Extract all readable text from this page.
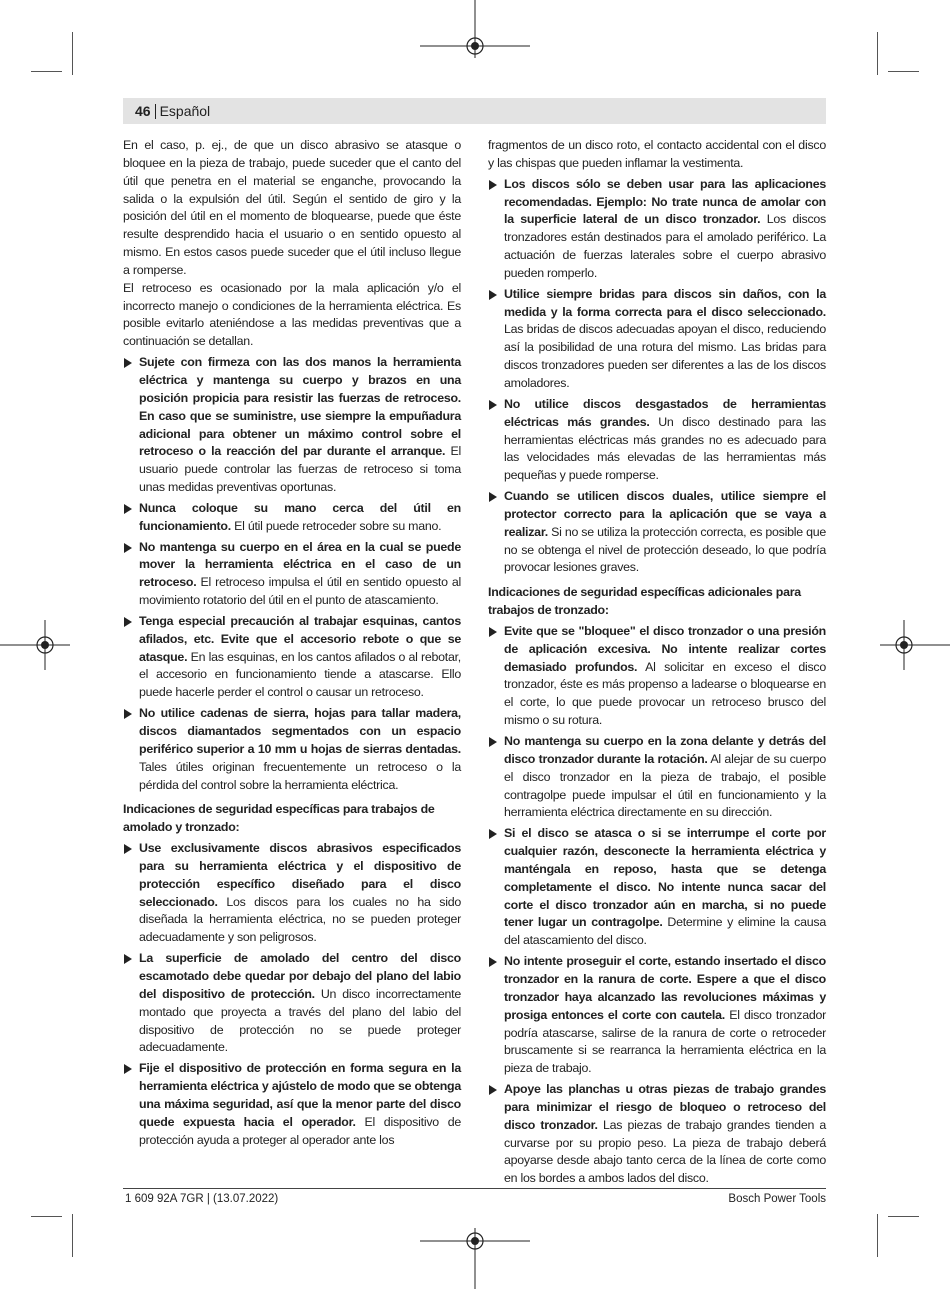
46 Español

En el caso, p. ej., de que un disco abrasivo se atasque o bloquee en la pieza de trabajo, puede suceder que el canto del útil que penetra en el material se enganche, provocando la salida o la expulsión del útil. Según el sentido de giro y la posición del útil en el momento de bloquearse, puede que éste resulte desprendido hacia el usuario o en sentido opuesto al mismo. En estos casos puede suceder que el útil incluso llegue a romperse.

El retroceso es ocasionado por la mala aplicación y/o el incorrecto manejo o condiciones de la herramienta eléctrica. Es posible evitarlo ateniéndose a las medidas preventivas que a continuación se detallan.

Sujete con firmeza con las dos manos la herramienta eléctrica y mantenga su cuerpo y brazos en una posición propicia para resistir las fuerzas de retroceso. En caso que se suministre, use siempre la empuñadura adicional para obtener un máximo control sobre el retroceso o la reacción del par durante el arranque. El usuario puede controlar las fuerzas de retroceso si toma unas medidas preventivas oportunas.
Nunca coloque su mano cerca del útil en funcionamiento. El útil puede retroceder sobre su mano.
No mantenga su cuerpo en el área en la cual se puede mover la herramienta eléctrica en el caso de un retroceso. El retroceso impulsa el útil en sentido opuesto al movimiento rotatorio del útil en el punto de atascamiento.
Tenga especial precaución al trabajar esquinas, cantos afilados, etc. Evite que el accesorio rebote o que se atasque. En las esquinas, en los cantos afilados o al rebotar, el accesorio en funcionamiento tiende a atascarse. Ello puede hacerle perder el control o causar un retroceso.
No utilice cadenas de sierra, hojas para tallar madera, discos diamantados segmentados con un espacio periférico superior a 10 mm u hojas de sierras dentadas. Tales útiles originan frecuentemente un retroceso o la pérdida del control sobre la herramienta eléctrica.

Indicaciones de seguridad específicas para trabajos de amolado y tronzado:

Use exclusivamente discos abrasivos especificados para su herramienta eléctrica y el dispositivo de protección específico diseñado para el disco seleccionado. Los discos para los cuales no ha sido diseñada la herramienta eléctrica, no se pueden proteger adecuadamente y son peligrosos.
La superficie de amolado del centro del disco escamotado debe quedar por debajo del plano del labio del dispositivo de protección. Un disco incorrectamente montado que proyecta a través del plano del labio del dispositivo de protección no se puede proteger adecuadamente.
Fije el dispositivo de protección en forma segura en la herramienta eléctrica y ajústelo de modo que se obtenga una máxima seguridad, así que la menor parte del disco quede expuesta hacia el operador. El dispositivo de protección ayuda a proteger al operador ante los

fragmentos de un disco roto, el contacto accidental con el disco y las chispas que pueden inflamar la vestimenta.

Los discos sólo se deben usar para las aplicaciones recomendadas. Ejemplo: No trate nunca de amolar con la superficie lateral de un disco tronzador. Los discos tronzadores están destinados para el amolado periférico. La actuación de fuerzas laterales sobre el cuerpo abrasivo pueden romperlo.
Utilice siempre bridas para discos sin daños, con la medida y la forma correcta para el disco seleccionado. Las bridas de discos adecuadas apoyan el disco, reduciendo así la posibilidad de una rotura del mismo. Las bridas para discos tronzadores pueden ser diferentes a las de los discos amoladores.
No utilice discos desgastados de herramientas eléctricas más grandes. Un disco destinado para las herramientas eléctricas más grandes no es adecuado para las velocidades más elevadas de las herramientas más pequeñas y puede romperse.
Cuando se utilicen discos duales, utilice siempre el protector correcto para la aplicación que se vaya a realizar. Si no se utiliza la protección correcta, es posible que no se obtenga el nivel de protección deseado, lo que podría provocar lesiones graves.

Indicaciones de seguridad específicas adicionales para trabajos de tronzado:

Evite que se "bloquee" el disco tronzador o una presión de aplicación excesiva. No intente realizar cortes demasiado profundos. Al solicitar en exceso el disco tronzador, éste es más propenso a ladearse o bloquearse en el corte, lo que puede provocar un retroceso brusco del mismo o su rotura.
No mantenga su cuerpo en la zona delante y detrás del disco tronzador durante la rotación. Al alejar de su cuerpo el disco tronzador en la pieza de trabajo, el posible contragolpe puede impulsar el útil en funcionamiento y la herramienta eléctrica directamente en su dirección.
Si el disco se atasca o si se interrumpe el corte por cualquier razón, desconecte la herramienta eléctrica y manténgala en reposo, hasta que se detenga completamente el disco. No intente nunca sacar del corte el disco tronzador aún en marcha, si no puede tener lugar un contragolpe. Determine y elimine la causa del atascamiento del disco.
No intente proseguir el corte, estando insertado el disco tronzador en la ranura de corte. Espere a que el disco tronzador haya alcanzado las revoluciones máximas y prosiga entonces el corte con cautela. El disco tronzador podría atascarse, salirse de la ranura de corte o retroceder bruscamente si se rearranca la herramienta eléctrica en la pieza de trabajo.
Apoye las planchas u otras piezas de trabajo grandes para minimizar el riesgo de bloqueo o retroceso del disco tronzador. Las piezas de trabajo grandes tienden a curvarse por su propio peso. La pieza de trabajo deberá apoyarse desde abajo tanto cerca de la línea de corte como en los bordes a ambos lados del disco.
1 609 92A 7GR | (13.07.2022)	Bosch Power Tools
